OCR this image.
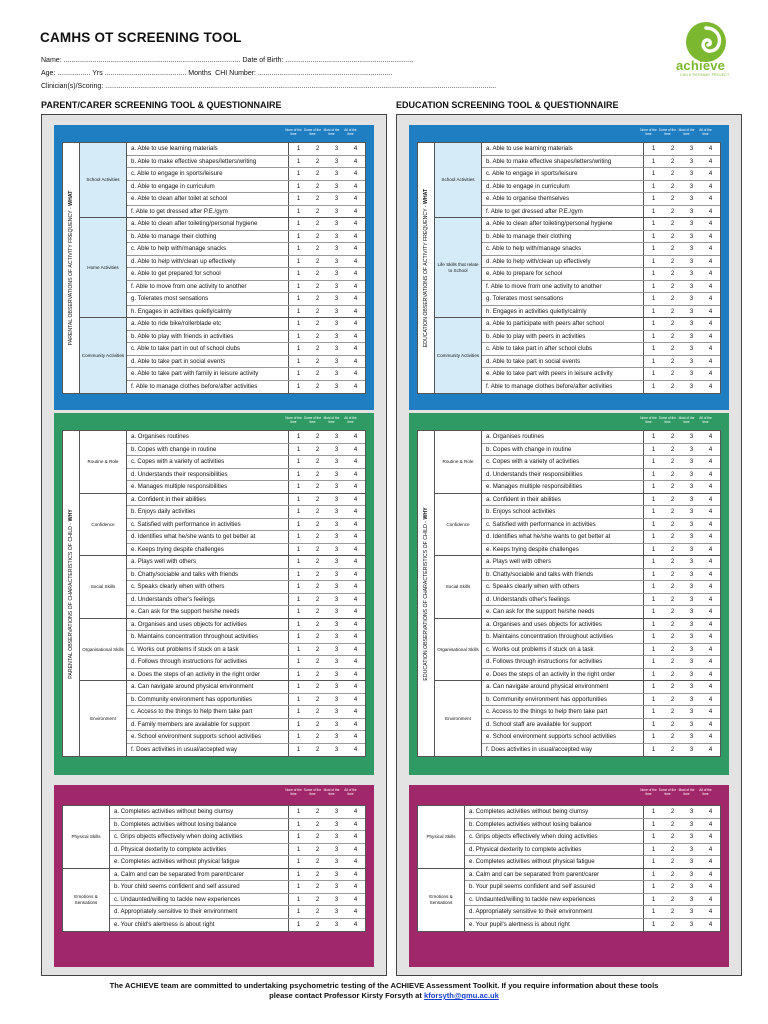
CAMHS OT SCREENING TOOL
Name: ........................................................................................... Date of Birth: ..................................................................
Age: ................. Yrs .......................................... Months CHI Number: .....................................................................
Clinician(s)/Scoring: .........................................................................................................................................................................................................
achieve
CHILD PATHWAY PROJECT
PARENT/CARER SCREENING TOOL & QUESTIONNAIRE	EDUCATION SCREENING TOOL & QUESTIONNAIRE
None of the time
Some of the time
Most of the time
All of the time
PARENTAL OBSERVATIONS OF ACTIVITY FREQUENCY - WHAT
School Activities
a. Able to use learning materials	1	2	3	4
b. Able to make effective shapes/letters/writing	1	2	3	4
c. Able to engage in sports/leisure	1	2	3	4
d. Able to engage in curriculum	1	2	3	4
e. Able to clean after toilet at school	1	2	3	4
f. Able to get dressed after P.E./gym	1	2	3	4
Home Activities
a. Able to clean after toileting/personal hygiene	1	2	3	4
b. Able to manage their clothing	1	2	3	4
c. Able to help with/manage snacks	1	2	3	4
d. Able to help with/clean up effectively	1	2	3	4
e. Able to get prepared for school	1	2	3	4
f. Able to move from one activity to another	1	2	3	4
g. Tolerates most sensations	1	2	3	4
h. Engages in activities quietly/calmly	1	2	3	4
Community Activities
a. Able to ride bike/rollerblade etc	1	2	3	4
b. Able to play with friends in activities	1	2	3	4
c. Able to take part in out of school clubs	1	2	3	4
d. Able to take part in social events	1	2	3	4
e. Able to take part with family in leisure activity	1	2	3	4
f. Able to manage clothes before/after activities	1	2	3	4
None of the time
Some of the time
Most of the time
All of the time
PARENTAL OBSERVATIONS OF CHARACTERISTICS OF CHILD - WHY
Routine & Role
a. Organises routines	1	2	3	4
b. Copes with change in routine	1	2	3	4
c. Copes with a variety of activities	1	2	3	4
d. Understands their responsibilities	1	2	3	4
e. Manages multiple responsibilities	1	2	3	4
Confidence
a. Confident in their abilities	1	2	3	4
b. Enjoys daily activities	1	2	3	4
c. Satisfied with performance in activities	1	2	3	4
d. Identifies what he/she wants to get better at	1	2	3	4
e. Keeps trying despite challenges	1	2	3	4
Social Skills
a. Plays well with others	1	2	3	4
b. Chatty/sociable and talks with friends	1	2	3	4
c. Speaks clearly when with others	1	2	3	4
d. Understands other's feelings	1	2	3	4
e. Can ask for the support he/she needs	1	2	3	4
Organisational Skills
a. Organises and uses objects for activities	1	2	3	4
b. Maintains concentration throughout activities	1	2	3	4
c. Works out problems if stuck on a task	1	2	3	4
d. Follows through instructions for activities	1	2	3	4
e. Does the steps of an activity in the right order	1	2	3	4
Environment
a. Can navigate around physical environment	1	2	3	4
b. Community environment has opportunities	1	2	3	4
c. Access to the things to help them take part	1	2	3	4
d. Family members are available for support	1	2	3	4
e. School environment supports school activities	1	2	3	4
f. Does activities in usual/accepted way	1	2	3	4
None of the time
Some of the time
Most of the time
All of the time
Physical Skills
a. Completes activities without being clumsy	1	2	3	4
b. Completes activities without losing balance	1	2	3	4
c. Grips objects effectively when doing activities	1	2	3	4
d. Physical dexterity to complete activities	1	2	3	4
e. Completes activities without physical fatigue	1	2	3	4
Emotions & Sensations
a. Calm and can be separated from parent/carer	1	2	3	4
b. Your child seems confident and self assured	1	2	3	4
c. Undaunted/willing to tackle new experiences	1	2	3	4
d. Appropriately sensitive to their environment	1	2	3	4
e. Your child's alertness is about right	1	2	3	4
None of the time
Some of the time
Most of the time
All of the time
EDUCATION OBSERVATIONS OF ACTIVITY FREQUENCY - WHAT
School Activities
a. Able to use learning materials	1	2	3	4
b. Able to make effective shapes/letters/writing	1	2	3	4
c. Able to engage in sports/leisure	1	2	3	4
d. Able to engage in curriculum	1	2	3	4
e. Able to organise themselves	1	2	3	4
f. Able to get dressed after P.E./gym	1	2	3	4
Life Skills that relate to School
a. Able to clean after toileting/personal hygiene	1	2	3	4
b. Able to manage their clothing	1	2	3	4
c. Able to help with/manage snacks	1	2	3	4
d. Able to help with/clean up effectively	1	2	3	4
e. Able to prepare for school	1	2	3	4
f. Able to move from one activity to another	1	2	3	4
g. Tolerates most sensations	1	2	3	4
h. Engages in activities quietly/calmly	1	2	3	4
Community Activities
a. Able to participate with peers after school	1	2	3	4
b. Able to play with peers in activities	1	2	3	4
c. Able to take part in after school clubs	1	2	3	4
d. Able to take part in social events	1	2	3	4
e. Able to take part with peers in leisure activity	1	2	3	4
f. Able to manage clothes before/after activities	1	2	3	4
None of the time
Some of the time
Most of the time
All of the time
EDUCATION OBSERVATIONS OF CHARACTERISTICS OF CHILD - WHY
Routine & Role
a. Organises routines	1	2	3	4
b. Copes with change in routine	1	2	3	4
c. Copes with a variety of activities	1	2	3	4
d. Understands their responsibilities	1	2	3	4
e. Manages multiple responsibilities	1	2	3	4
Confidence
a. Confident in their abilities	1	2	3	4
b. Enjoys school activities	1	2	3	4
c. Satisfied with performance in activities	1	2	3	4
d. Identifies what he/she wants to get better at	1	2	3	4
e. Keeps trying despite challenges	1	2	3	4
Social Skills
a. Plays well with others	1	2	3	4
b. Chatty/sociable and talks with friends	1	2	3	4
c. Speaks clearly when with others	1	2	3	4
d. Understands other's feelings	1	2	3	4
e. Can ask for the support he/she needs	1	2	3	4
Organisational Skills
a. Organises and uses objects for activities	1	2	3	4
b. Maintains concentration throughout activities	1	2	3	4
c. Works out problems if stuck on a task	1	2	3	4
d. Follows through instructions for activities	1	2	3	4
e. Does the steps of an activity in the right order	1	2	3	4
Environment
a. Can navigate around physical environment	1	2	3	4
b. Community environment has opportunities	1	2	3	4
c. Access to the things to help them take part	1	2	3	4
d. School staff are available for support	1	2	3	4
e. School environment supports school activities	1	2	3	4
f. Does activities in usual/accepted way	1	2	3	4
None of the time
Some of the time
Most of the time
All of the time
Physical Skills
a. Completes activities without being clumsy	1	2	3	4
b. Completes activities without losing balance	1	2	3	4
c. Grips objects effectively when doing activities	1	2	3	4
d. Physical dexterity to complete activities	1	2	3	4
e. Completes activities without physical fatigue	1	2	3	4
Emotions & Sensations
a. Calm and can be separated from parent/carer	1	2	3	4
b. Your pupil seems confident and self assured	1	2	3	4
c. Undaunted/willing to tackle new experiences	1	2	3	4
d. Appropriately sensitive to their environment	1	2	3	4
e. Your pupil's alertness is about right	1	2	3	4
The ACHIEVE team are committed to undertaking psychometric testing of the ACHIEVE Assessment Toolkit. If you require information about these tools
please contact Professor Kirsty Forsyth at kforsyth@qmu.ac.uk
